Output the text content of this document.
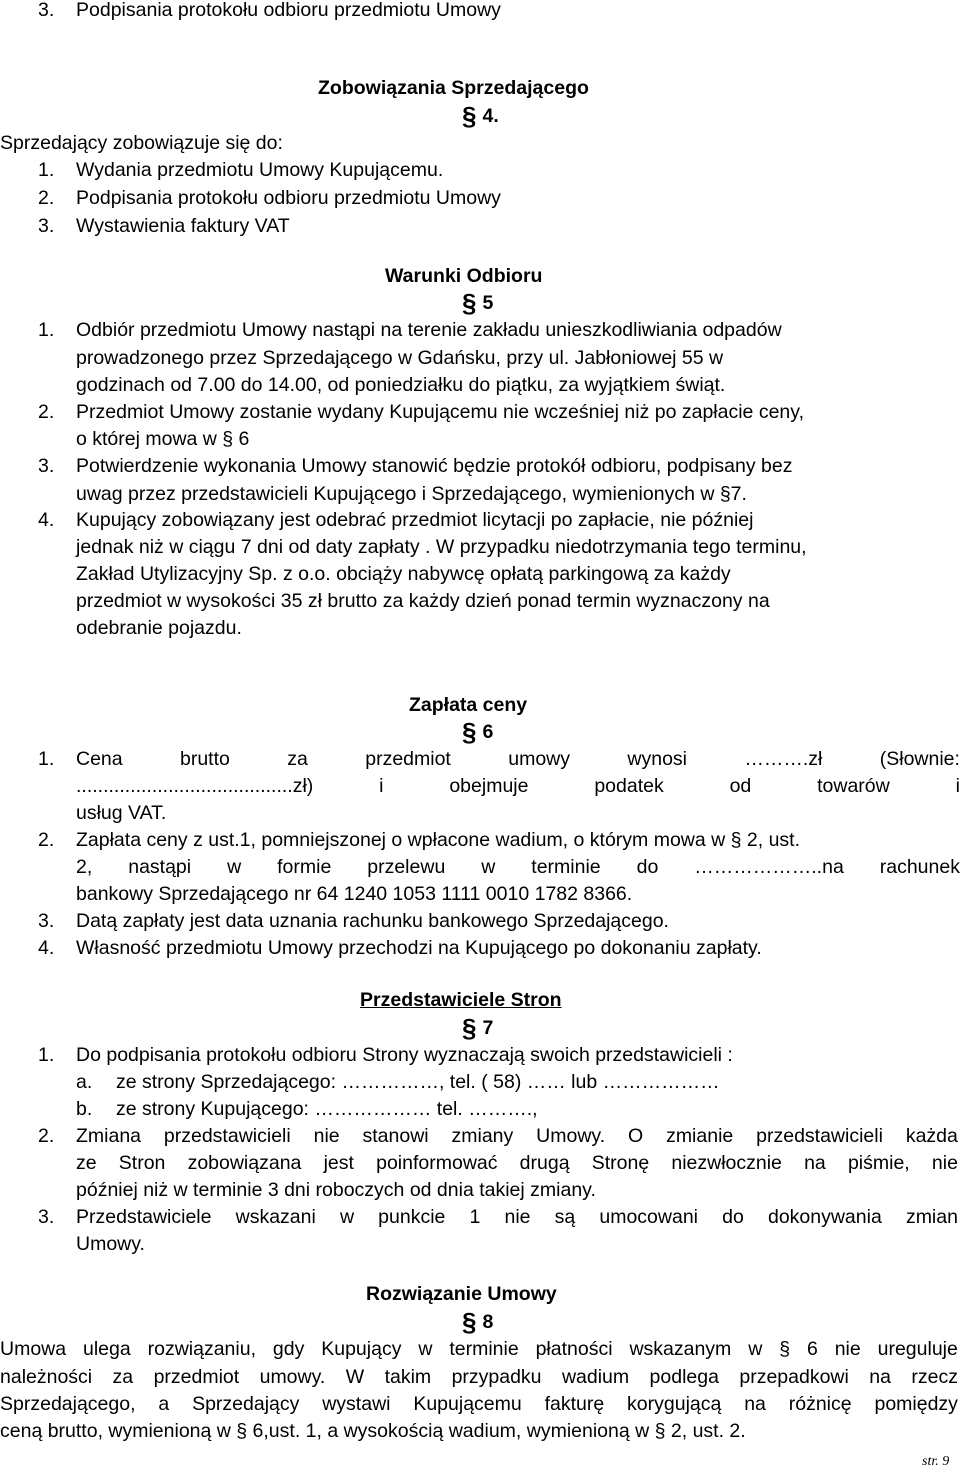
3. Podpisania protokołu odbioru przedmiotu Umowy
Zobowiązania Sprzedającego
§ 4.
Sprzedający zobowiązuje się do:
1. Wydania przedmiotu Umowy Kupującemu.
2. Podpisania protokołu odbioru przedmiotu Umowy
3. Wystawienia faktury VAT
Warunki Odbioru
§ 5
1. Odbiór przedmiotu Umowy nastąpi na terenie zakładu unieszkodliwiania odpadów
prowadzonego przez Sprzedającego w Gdańsku, przy ul. Jabłoniowej 55 w
godzinach od 7.00 do 14.00, od poniedziałku do piątku, za wyjątkiem świąt.
2. Przedmiot Umowy zostanie wydany Kupującemu nie wcześniej niż po zapłacie ceny,
o której mowa w § 6
3. Potwierdzenie wykonania Umowy stanowić będzie protokół odbioru, podpisany bez
uwag przez przedstawicieli Kupującego i Sprzedającego, wymienionych w §7.
4. Kupujący zobowiązany jest odebrać przedmiot licytacji po zapłacie, nie później
jednak niż w ciągu 7 dni od daty zapłaty . W przypadku niedotrzymania tego terminu,
Zakład Utylizacyjny Sp. z o.o. obciąży nabywcę opłatą parkingową za każdy
przedmiot w wysokości 35 zł brutto za każdy dzień ponad termin wyznaczony na
odebranie pojazdu.
Zapłata ceny
§ 6
1. Cena	brutto	za	przedmiot	umowy	wynosi	……….zł	(Słownie:
........................................zł)	i	obejmuje	podatek	od	towarów	i
usług VAT.
2. Zapłata ceny z ust.1, pomniejszonej o wpłacone wadium, o którym mowa w § 2, ust.
2, nastąpi w formie przelewu w terminie do ………………..na rachunek
bankowy Sprzedającego nr 64 1240 1053 1111 0010 1782 8366.
3. Datą zapłaty jest data uznania rachunku bankowego Sprzedającego.
4. Własność przedmiotu Umowy przechodzi na Kupującego po dokonaniu zapłaty.
Przedstawiciele Stron
§ 7
1. Do podpisania protokołu odbioru Strony wyznaczają swoich przedstawicieli :
a. ze strony Sprzedającego: ……………, tel. ( 58) …… lub ………………
b. ze strony Kupującego: ……………… tel. ……….,
2. Zmiana przedstawicieli nie stanowi zmiany Umowy. O zmianie przedstawicieli każda
ze Stron zobowiązana jest poinformować drugą Stronę niezwłocznie na piśmie, nie
później niż w terminie 3 dni roboczych od dnia takiej zmiany.
3. Przedstawiciele wskazani w punkcie 1 nie są umocowani do dokonywania zmian
Umowy.
Rozwiązanie Umowy
§ 8
Umowa ulega rozwiązaniu, gdy Kupujący w terminie płatności wskazanym w § 6 nie ureguluje
należności za przedmiot umowy. W takim przypadku wadium podlega przepadkowi na rzecz
Sprzedającego, a Sprzedający wystawi Kupującemu fakturę korygującą na różnicę pomiędzy
ceną brutto, wymienioną w § 6,ust. 1, a wysokością wadium, wymienioną w § 2, ust. 2.
str. 9
